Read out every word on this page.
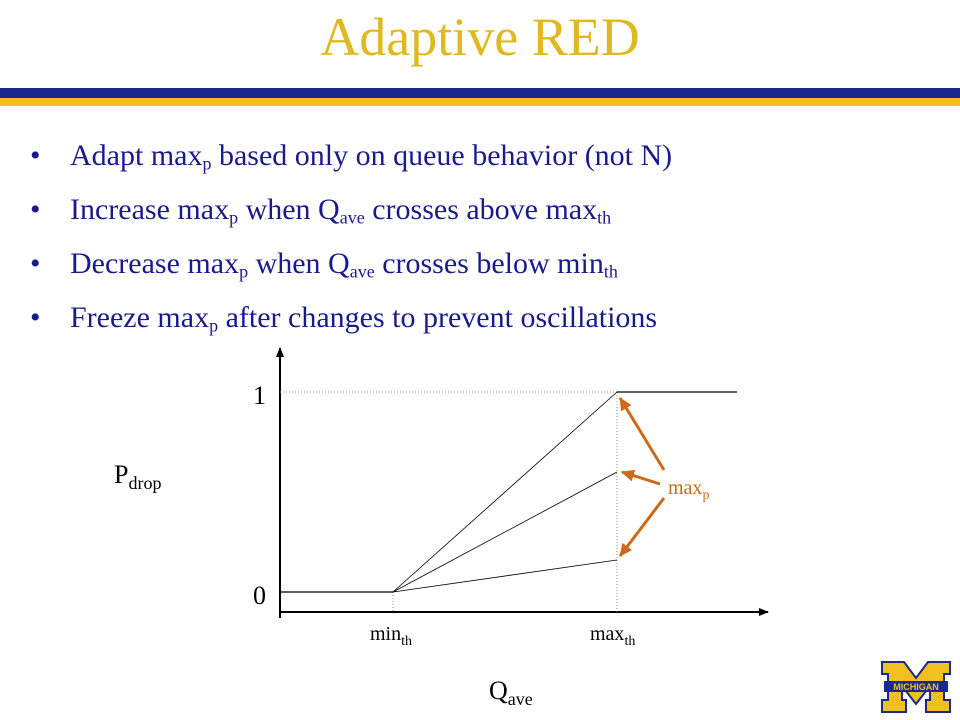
Adaptive RED
• Adapt $\max_p$ based only on queue behavior (not N)
• Increase $\max_p$ when $Q_{ave}$ crosses above $\max_{th}$
• Decrease $\max_p$ when $Q_{ave}$ crosses below $\min_{th}$
• Freeze $\max_p$ after changes to prevent oscillations
1
0
$P_{drop}$
$Q_{ave}$
$\min_{th}$	$\max_{th}$
$\max_p$
MICHIGAN
